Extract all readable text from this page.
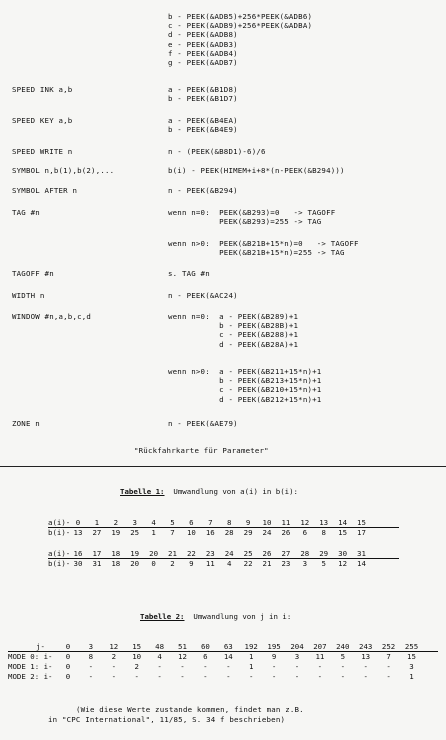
b - PEEK(&ADB5)+256*PEEK(&ADB6)
c - PEEK(&ADB9)+256*PEEK(&ADBA)
d - PEEK(&ADB8)
e - PEEK(&ADB3)
f - PEEK(&ADB4)
g - PEEK(&ADB7)
SPEED INK a,b	a - PEEK(&B1D8)
b - PEEK(&B1D7)
SPEED KEY a,b	a - PEEK(&B4EA)
b - PEEK(&B4E9)
SPEED WRITE n	n - (PEEK(&B8D1)-6)/6
SYMBOL n,b(1),b(2),...	b(i) - PEEK(HIMEM+i+8*(n-PEEK(&B294)))
SYMBOL AFTER n	n - PEEK(&B294)
TAG #n	wenn n=0:  PEEK(&B293)=0   -> TAGOFF
PEEK(&B293)=255 -> TAG
wenn n>0:  PEEK(&B21B+15*n)=0   -> TAGOFF
PEEK(&B21B+15*n)=255 -> TAG
TAGOFF #n	s. TAG #n
WIDTH n	n - PEEK(&AC24)
WINDOW #n,a,b,c,d	wenn n=0:  a - PEEK(&B289)+1
b - PEEK(&B28B)+1
c - PEEK(&B288)+1
d - PEEK(&B28A)+1
wenn n>0:  a - PEEK(&B211+15*n)+1
b - PEEK(&B213+15*n)+1
c - PEEK(&B210+15*n)+1
d - PEEK(&B212+15*n)+1
ZONE n	n - PEEK(&AE79)
"Rückfahrkarte für Parameter"
Tabelle 1:  Umwandlung von a(i) in b(i):
a(i)- 0	1	2	3	4	5	6	7	8	9	10	11	12	13	14	15
b(i)- 13	27	19	25	1	7	10	16	28	29	24	26	6	8	15	17
a(i)- 16	17	18	19	20	21	22	23	24	25	26	27	28	29	30	31
b(i)- 30	31	18	20	0	2	9	11	4	22	21	23	3	5	12	14
Tabelle 2:  Umwandlung von j in i:
j-	0	3	12	15	48	51	60	63	192 195 204 207 240 243 252 255
MODE 0: i-	0	8	2	10	4	12	6	14	1	9	3	11	5	13	7	15
MODE 1: i-	0	-	-	2	-	-	-	-	1	-	-	-	-	-	-	3
MODE 2: i-	0	-	-	-	-	-	-	-	-	-	-	-	-	-	-	1
(Wie diese Werte zustande kommen, findet man z.B.
in "CPC International", 11/85, S. 34 f beschrieben)
